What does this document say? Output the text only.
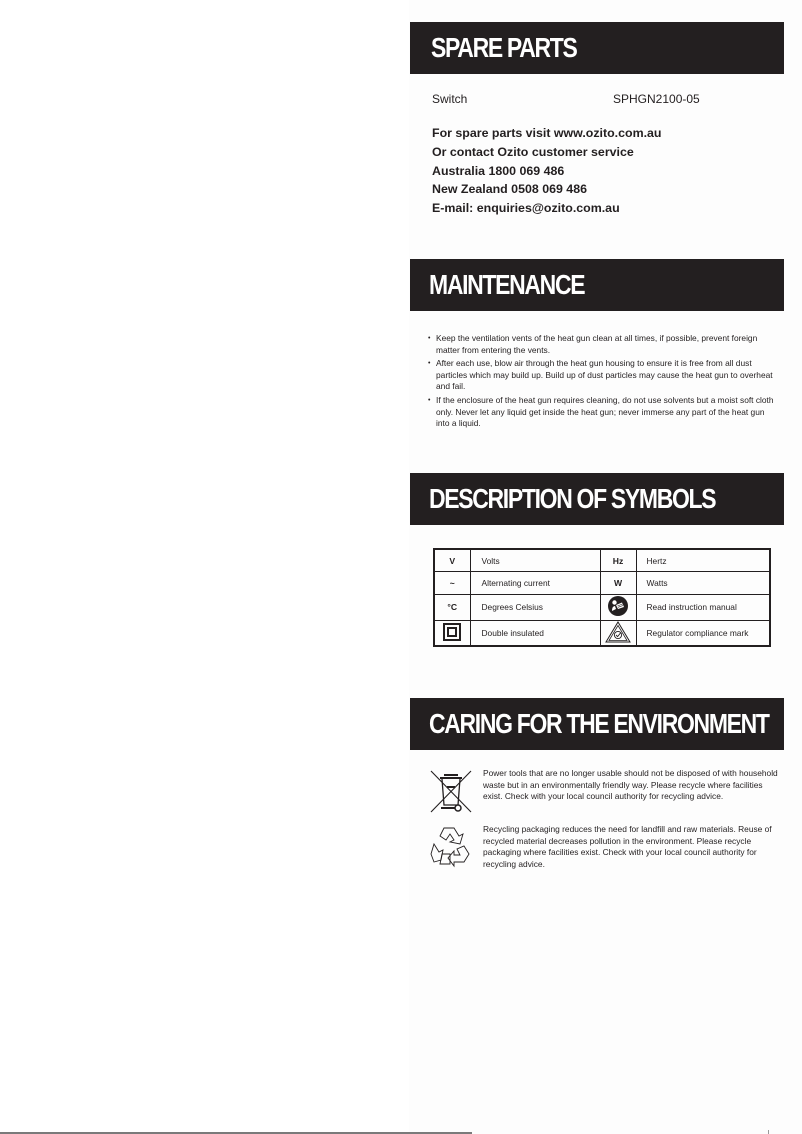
SPARE PARTS
Switch	SPHGN2100-05
For spare parts visit www.ozito.com.au
Or contact Ozito customer service
Australia 1800 069 486
New Zealand 0508 069 486
E-mail: enquiries@ozito.com.au
MAINTENANCE
• Keep the ventilation vents of the heat gun clean at all times, if possible, prevent foreign matter from entering the vents.
• After each use, blow air through the heat gun housing to ensure it is free from all dust particles which may build up. Build up of dust particles may cause the heat gun to overheat and fail.
• If the enclosure of the heat gun requires cleaning, do not use solvents but a moist soft cloth only. Never let any liquid get inside the heat gun; never immerse any part of the heat gun into a liquid.
DESCRIPTION OF SYMBOLS
V	Volts	Hz	Hertz
~	Alternating current	W	Watts
°C	Degrees Celsius		Read instruction manual
	Double insulated		Regulator compliance mark
CARING FOR THE ENVIRONMENT
Power tools that are no longer usable should not be disposed of with household waste but in an environmentally friendly way. Please recycle where facilities exist. Check with your local council authority for recycling advice.
Recycling packaging reduces the need for landfill and raw materials. Reuse of recycled material decreases pollution in the environment. Please recycle packaging where facilities exist. Check with your local council authority for recycling advice.
